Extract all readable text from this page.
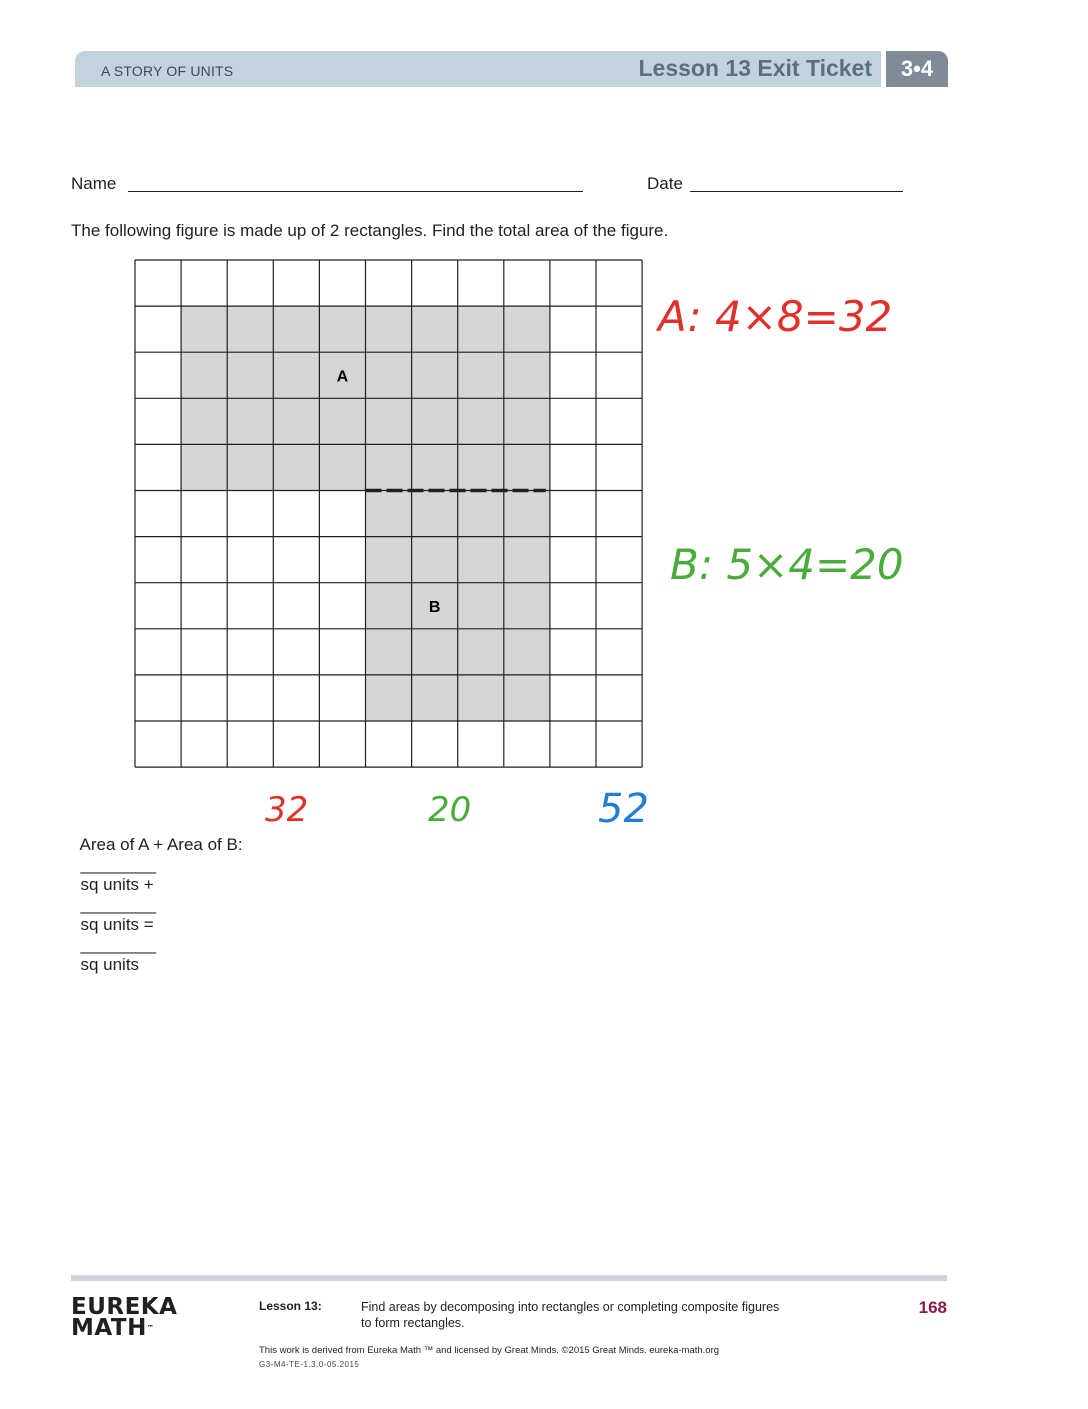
A STORY OF UNITS	Lesson 13 Exit Ticket	3•4
Name	Date
The following figure is made up of 2 rectangles. Find the total area of the figure.
A
B
A: 4×8=32
B: 5×4=20

Area of A + Area of B:
________
sq units +
________
sq units =
________
sq units

32	20	52
EUREKA
MATH™
Lesson 13:	Find areas by decomposing into rectangles or completing composite figures to form rectangles.
168
This work is derived from Eureka Math ™ and licensed by Great Minds. ©2015 Great Minds. eureka-math.org
G3-M4-TE-1.3.0-05.2015
